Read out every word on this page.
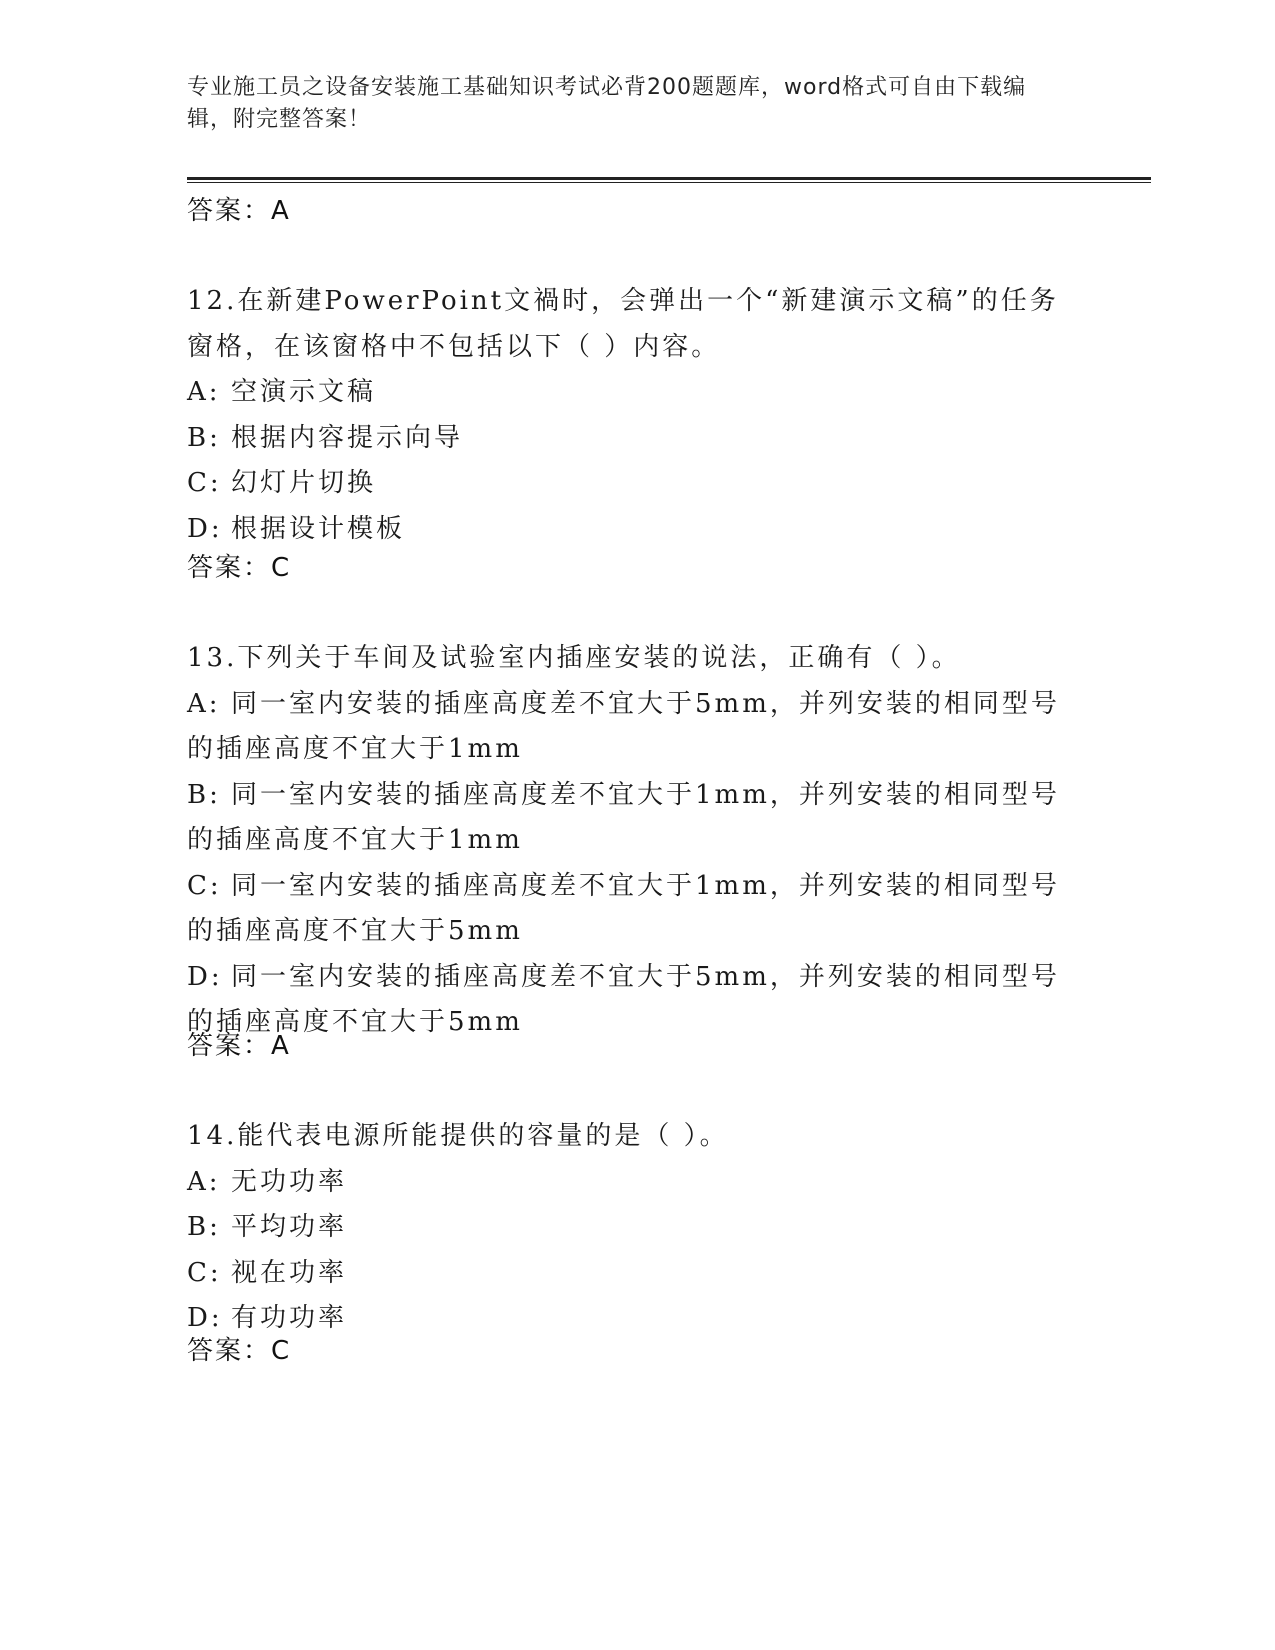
专业施工员之设备安装施工基础知识考试必背200题题库，word格式可自由下载编辑，附完整答案！
答案：A
12.在新建PowerPoint文禍时，会弹出一个“新建演示文稿”的任务窗格，在该窗格中不包括以下（ ）内容。
A: 空演示文稿
B: 根据内容提示向导
C: 幻灯片切换
D: 根据设计模板
答案：C
13.下列关于车间及试验室内插座安装的说法，正确有（ ）。
A: 同一室内安装的插座高度差不宜大于5mm，并列安装的相同型号的插座高度不宜大于1mm
B: 同一室内安装的插座高度差不宜大于1mm，并列安装的相同型号的插座高度不宜大于1mm
C: 同一室内安装的插座高度差不宜大于1mm，并列安装的相同型号的插座高度不宜大于5mm
D: 同一室内安装的插座高度差不宜大于5mm，并列安装的相同型号的插座高度不宜大于5mm
答案：A
14.能代表电源所能提供的容量的是（ ）。
A: 无功功率
B: 平均功率
C: 视在功率
D: 有功功率
答案：C
